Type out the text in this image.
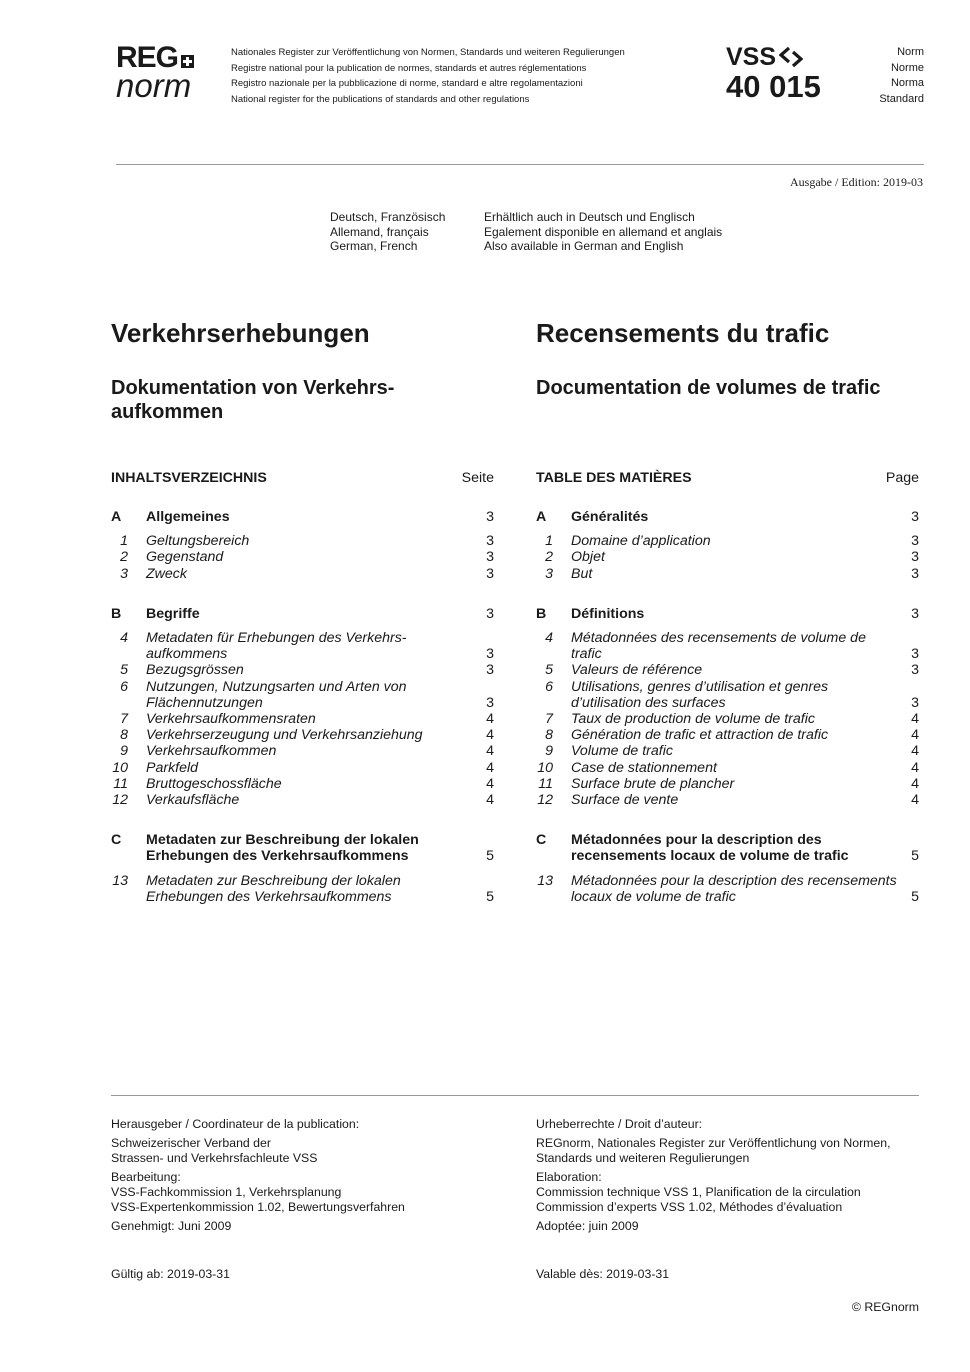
REG
norm
Nationales Register zur Veröffentlichung von Normen, Standards und weiteren Regulierungen
Registre national pour la publication de normes, standards et autres réglementations
Registro nazionale per la pubblicazione di norme, standard e altre regolamentazioni
National register for the publications of standards and other regulations
VSS
40 015
Norm
Norme
Norma
Standard
Ausgabe / Edition: 2019-03
Deutsch, Französisch
Allemand, français
German, French
Erhältlich auch in Deutsch und Englisch
Egalement disponible en allemand et anglais
Also available in German and English
Verkehrserhebungen	Recensements du trafic
Dokumentation von Verkehrs-aufkommen
Documentation de volumes de trafic
INHALTSVERZEICHNIS	Seite
A	Allgemeines	3
1 Geltungsbereich	3
2 Gegenstand	3
3 Zweck	3
B	Begriffe	3
4 Metadaten für Erhebungen des Verkehrs-aufkommens	3
5 Bezugsgrössen	3
6 Nutzungen, Nutzungsarten und Arten von Flächennutzungen	3
7 Verkehrsaufkommensraten	4
8 Verkehrserzeugung und Verkehrsanziehung	4
9 Verkehrsaufkommen	4
10 Parkfeld	4
11 Bruttogeschossfläche	4
12 Verkaufsfläche	4
C	Metadaten zur Beschreibung der lokalen Erhebungen des Verkehrsaufkommens	5
13 Metadaten zur Beschreibung der lokalen Erhebungen des Verkehrsaufkommens	5
TABLE DES MATIÈRES	Page
A	Généralités	3
1 Domaine d’application	3
2 Objet	3
3 But	3
B	Définitions	3
4 Métadonnées des recensements de volume de trafic	3
5 Valeurs de référence	3
6 Utilisations, genres d’utilisation et genres d’utilisation des surfaces	3
7 Taux de production de volume de trafic	4
8 Génération de trafic et attraction de trafic	4
9 Volume de trafic	4
10 Case de stationnement	4
11 Surface brute de plancher	4
12 Surface de vente	4
C	Métadonnées pour la description des recensements locaux de volume de trafic	5
13 Métadonnées pour la description des recensements locaux de volume de trafic	5
Herausgeber / Coordinateur de la publication:
Schweizerischer Verband der
Strassen- und Verkehrsfachleute VSS
Bearbeitung:
VSS-Fachkommission 1, Verkehrsplanung
VSS-Expertenkommission 1.02, Bewertungsverfahren
Genehmigt: Juni 2009
Urheberrechte / Droit d’auteur:
REGnorm, Nationales Register zur Veröffentlichung von Normen,
Standards und weiteren Regulierungen
Elaboration:
Commission technique VSS 1, Planification de la circulation
Commission d’experts VSS 1.02, Méthodes d’évaluation
Adoptée: juin 2009
Gültig ab: 2019-03-31	Valable dès: 2019-03-31
© REGnorm
